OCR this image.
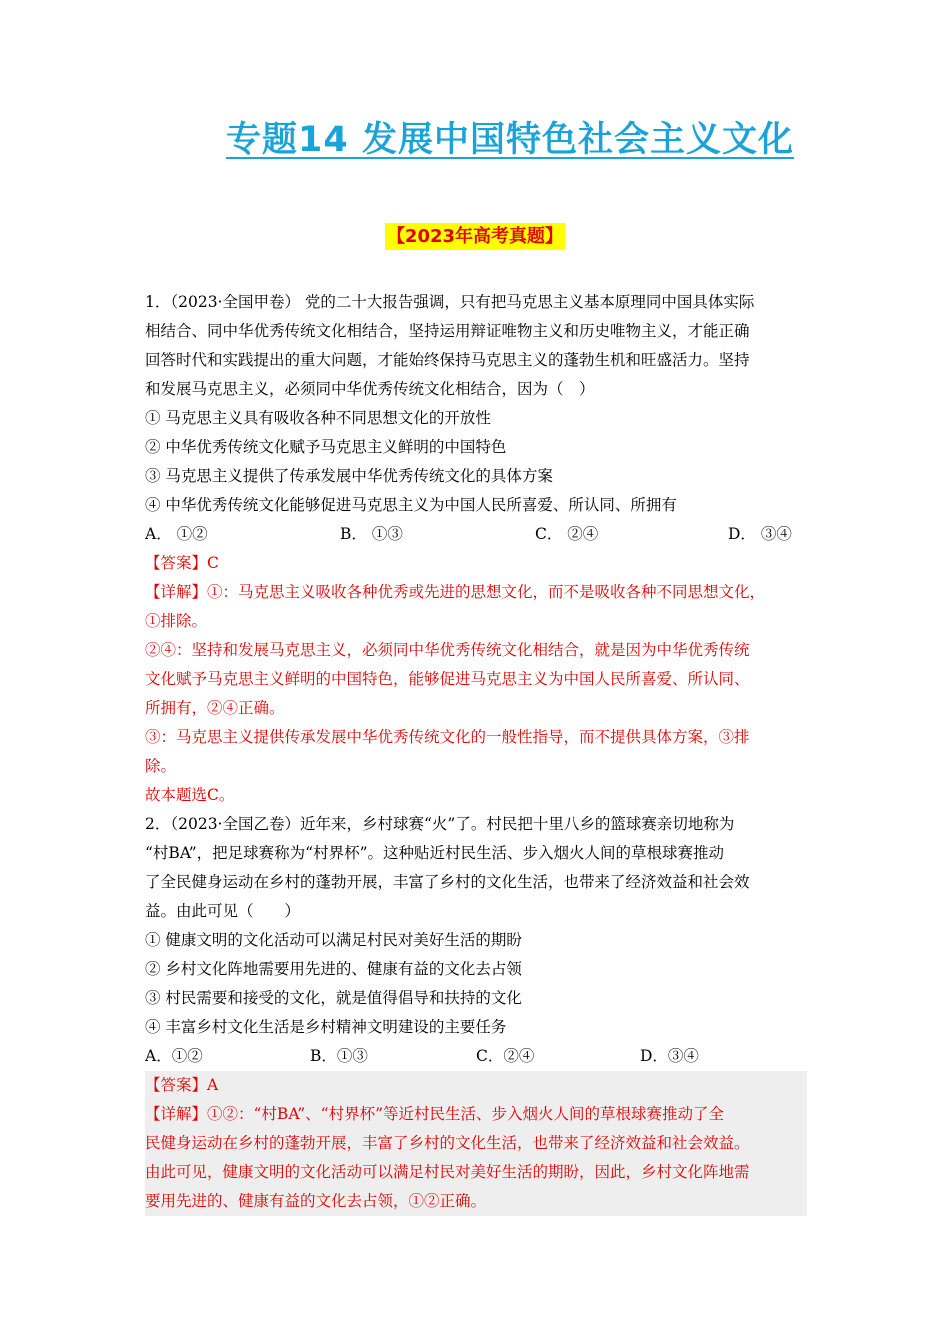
专题14 发展中国特色社会主义文化
【2023年高考真题】
1．（2023·全国甲卷） 党的二十大报告强调，只有把马克思主义基本原理同中国具体实际
相结合、同中华优秀传统文化相结合，坚持运用辩证唯物主义和历史唯物主义，才能正确
回答时代和实践提出的重大问题，才能始终保持马克思主义的蓬勃生机和旺盛活力。坚持
和发展马克思主义，必须同中华优秀传统文化相结合，因为（　）
① 马克思主义具有吸收各种不同思想文化的开放性
② 中华优秀传统文化赋予马克思主义鲜明的中国特色
③ 马克思主义提供了传承发展中华优秀传统文化的具体方案
④ 中华优秀传统文化能够促进马克思主义为中国人民所喜爱、所认同、所拥有
A． ①②	B． ①③	C． ②④	D． ③④
【答案】C
【详解】①：马克思主义吸收各种优秀或先进的思想文化，而不是吸收各种不同思想文化，
①排除。
②④：坚持和发展马克思主义，必须同中华优秀传统文化相结合，就是因为中华优秀传统
文化赋予马克思主义鲜明的中国特色，能够促进马克思主义为中国人民所喜爱、所认同、
所拥有，②④正确。
③：马克思主义提供传承发展中华优秀传统文化的一般性指导，而不提供具体方案，③排
除。
故本题选C。
2．（2023·全国乙卷）近年来，乡村球赛“火”了。村民把十里八乡的篮球赛亲切地称为
“村BA”，把足球赛称为“村界杯”。这种贴近村民生活、步入烟火人间的草根球赛推动
了全民健身运动在乡村的蓬勃开展，丰富了乡村的文化生活，也带来了经济效益和社会效
益。由此可见（　　）
① 健康文明的文化活动可以满足村民对美好生活的期盼
② 乡村文化阵地需要用先进的、健康有益的文化去占领
③ 村民需要和接受的文化，就是值得倡导和扶持的文化
④ 丰富乡村文化生活是乡村精神文明建设的主要任务
A．①②	B．①③	C．②④	D．③④
【答案】A
【详解】①②：“村BA”、“村界杯”等近村民生活、步入烟火人间的草根球赛推动了全
民健身运动在乡村的蓬勃开展，丰富了乡村的文化生活，也带来了经济效益和社会效益。
由此可见，健康文明的文化活动可以满足村民对美好生活的期盼，因此，乡村文化阵地需
要用先进的、健康有益的文化去占领，①②正确。
